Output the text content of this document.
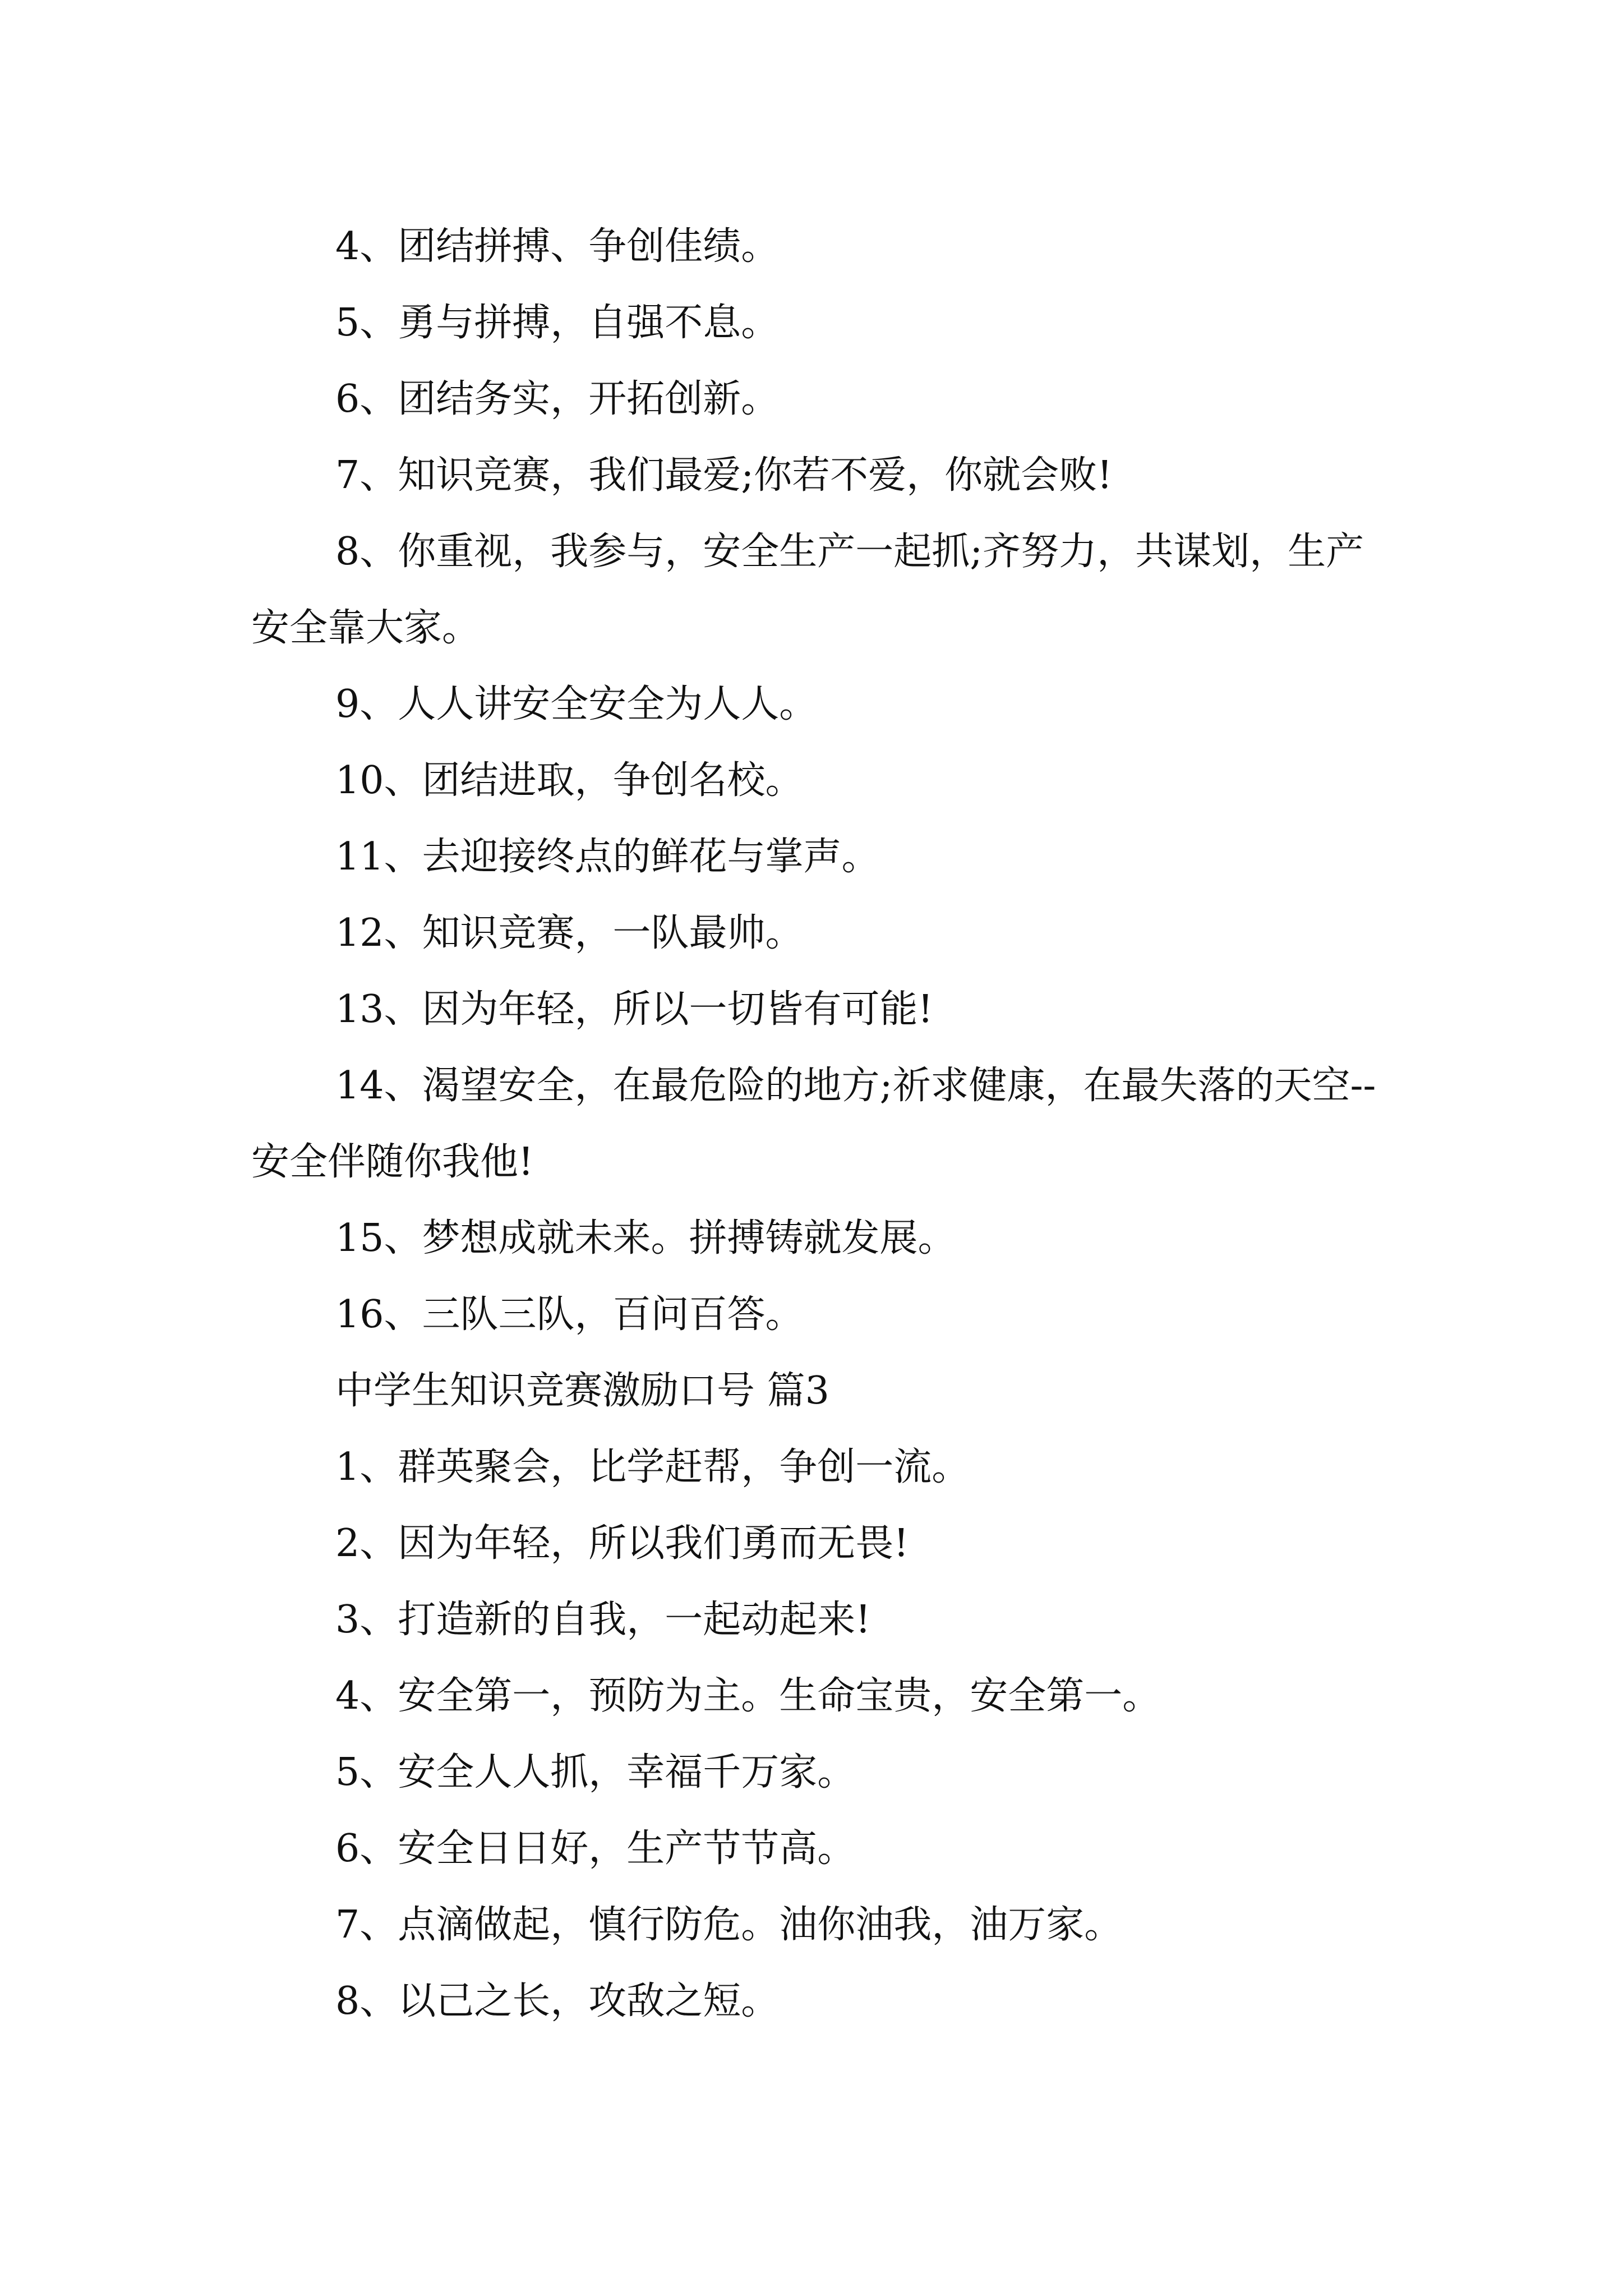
4、团结拼搏、争创佳绩。

5、勇与拼搏，自强不息。

6、团结务实，开拓创新。

7、知识竞赛，我们最爱;你若不爱，你就会败!

8、你重视，我参与，安全生产一起抓;齐努力，共谋划，生产安全靠大家。

9、人人讲安全安全为人人。

10、团结进取，争创名校。

11、去迎接终点的鲜花与掌声。

12、知识竞赛，一队最帅。

13、因为年轻，所以一切皆有可能!

14、渴望安全，在最危险的地方;祈求健康，在最失落的天空--安全伴随你我他!

15、梦想成就未来。拼搏铸就发展。

16、三队三队，百问百答。

中学生知识竞赛激励口号 篇3

1、群英聚会，比学赶帮，争创一流。

2、因为年轻，所以我们勇而无畏!

3、打造新的自我，一起动起来!

4、安全第一，预防为主。生命宝贵，安全第一。

5、安全人人抓，幸福千万家。

6、安全日日好，生产节节高。

7、点滴做起，慎行防危。油你油我，油万家。

8、以己之长，攻敌之短。
